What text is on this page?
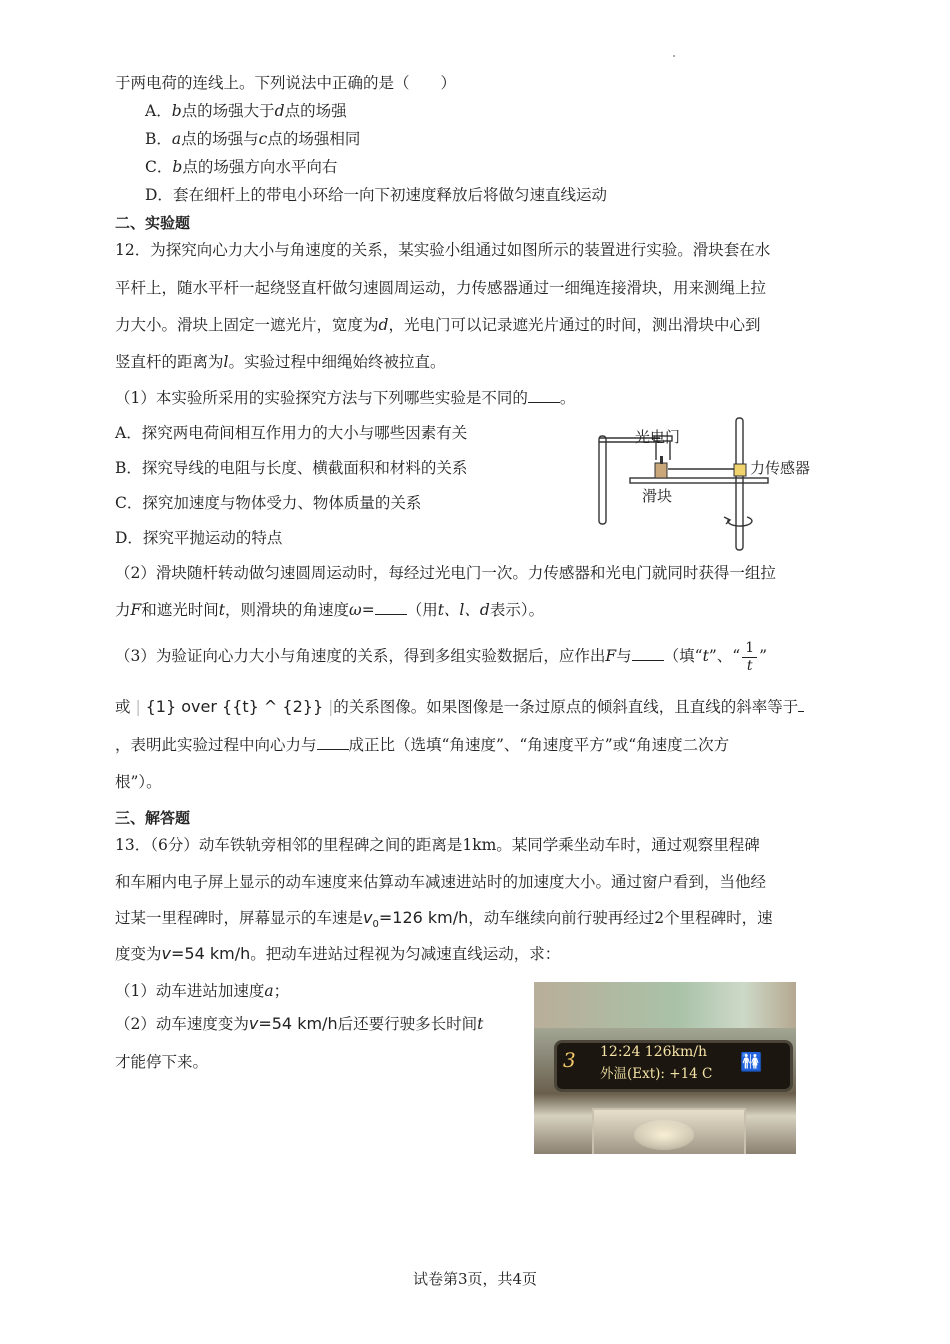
于两电荷的连线上。下列说法中正确的是（　　）
A．b点的场强大于d点的场强
B．a点的场强与c点的场强相同
C．b点的场强方向水平向右
D．套在细杆上的带电小环给一向下初速度释放后将做匀速直线运动
二、实验题
12．为探究向心力大小与角速度的关系，某实验小组通过如图所示的装置进行实验。滑块套在水
平杆上，随水平杆一起绕竖直杆做匀速圆周运动，力传感器通过一细绳连接滑块，用来测绳上拉
力大小。滑块上固定一遮光片，宽度为d，光电门可以记录遮光片通过的时间，测出滑块中心到
竖直杆的距离为l。实验过程中细绳始终被拉直。
（1）本实验所采用的实验探究方法与下列哪些实验是不同的 。
A．探究两电荷间相互作用力的大小与哪些因素有关
B．探究导线的电阻与长度、横截面积和材料的关系
C．探究加速度与物体受力、物体质量的关系
D．探究平抛运动的特点
光电门
力传感器
滑块
（2）滑块随杆转动做匀速圆周运动时，每经过光电门一次。力传感器和光电门就同时获得一组拉
力F和遮光时间t，则滑块的角速度ω= （用t、l、d表示）。
（3）为验证向心力大小与角速度的关系，得到多组实验数据后，应作出F与 （填“t”、“ $\frac{1}{t}$ ”
或 | {1} over {{t} ^ {2}} |的关系图像。如果图像是一条过原点的倾斜直线，且直线的斜率等于
，表明此实验过程中向心力与 成正比（选填“角速度”、“角速度平方”或“角速度二次方
根”）。
三、解答题
13．（6分）动车铁轨旁相邻的里程碑之间的距离是1km。某同学乘坐动车时，通过观察里程碑
和车厢内电子屏上显示的动车速度来估算动车减速进站时的加速度大小。通过窗户看到，当他经
过某一里程碑时，屏幕显示的车速是$v_0=126$ km/h，动车继续向前行驶再经过2个里程碑时，速
度变为v=54 km/h。把动车进站过程视为匀减速直线运动，求：
（1）动车进站加速度a；
（2）动车速度变为v=54 km/h后还要行驶多长时间t
才能停下来。	3 12:24 126km/h
外温(Ext): +14 C
🚻
试卷第3页，共4页
